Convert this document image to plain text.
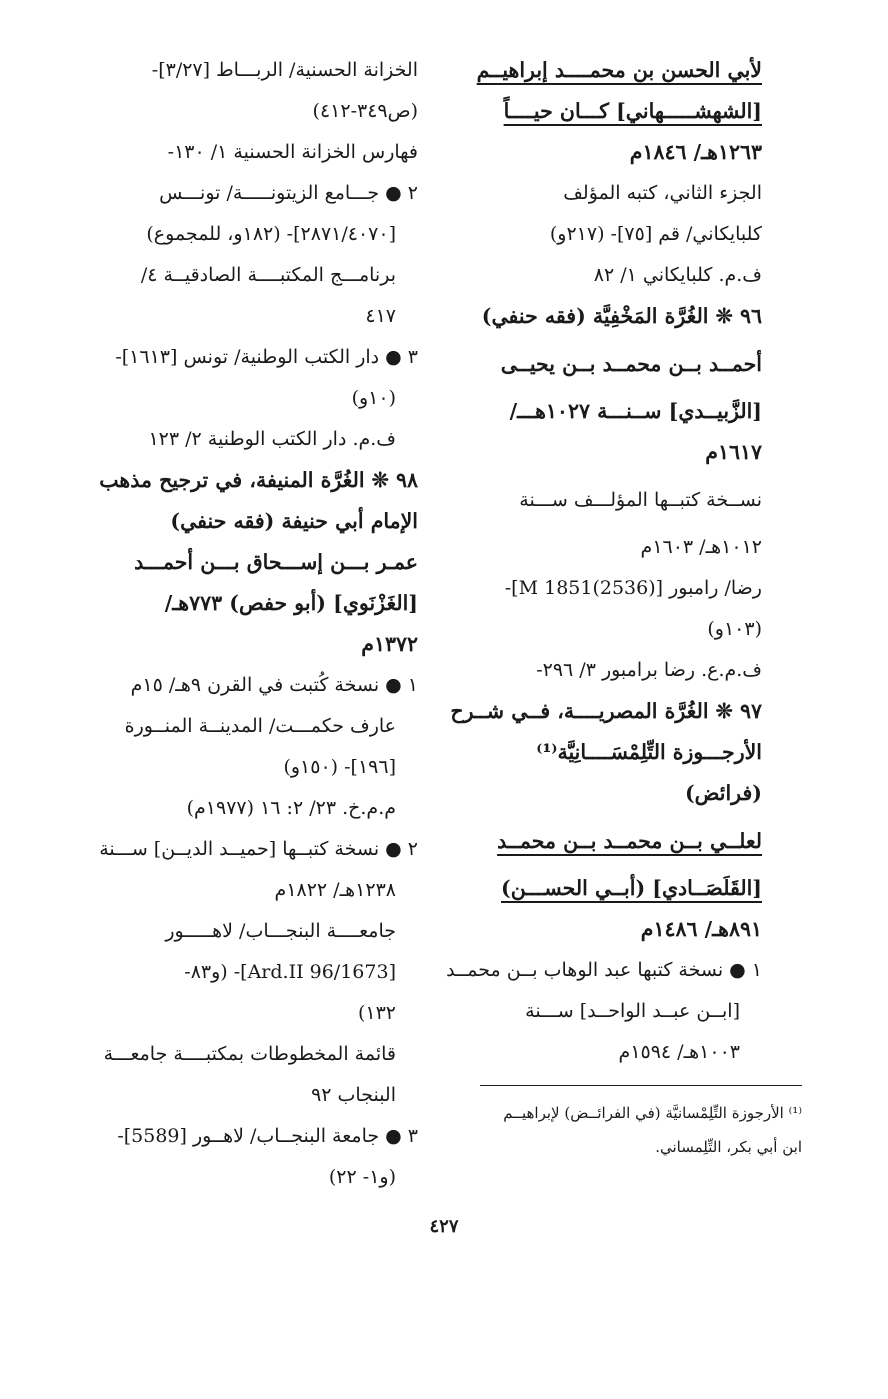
لأبي الحسن بن محمــــد إبراهيــم
[الشهشـــــهاني] كـــان حيــــاً
١٢٦٣هـ/ ١٨٤٦م
الجزء الثاني، كتبه المؤلف
كلبايكاني/ قم [٧٥]- (٢١٧و)
ف.م. كلبايكاني ١/ ٨٢
٩٦ ❊ الغُرَّة المَخْفِيَّة (فقه حنفي)
أحمــد بــن محمــد بــن يحيــى
[الزَّبيــدي] ســنـــة ١٠٢٧هـــ/
١٦١٧م
نســخة كتبــها المؤلـــف ســـنة
١٠١٢هـ/ ١٦٠٣م
رضا/ رامبور [M 1851(2536)]-
(١٠٣و)
ف.م.ع. رضا برامبور ٣/ ٢٩٦-
٩٧ ❊ الغُرَّة المصريــــة، فــي شــرح
الأرجـــوزة التِّلِمْسَــــانِيَّة⁽¹⁾
(فرائض)
لعلــي بــن محمــد بــن محمــد
[القَلَصَــادي] (أبــي الحســـن)
٨٩١هـ/ ١٤٨٦م
١ ● نسخة كتبها عبد الوهاب بــن محمــد
[ابــن عبــد الواحــد] ســـنة
١٠٠٣هـ/ ١٥٩٤م
الخزانة الحسنية/ الربـــاط [٣/٢٧]-
(ص٣٤٩-٤١٢)
فهارس الخزانة الحسنية ١/ ١٣٠-
٢ ● جـــامع الزيتونـــــة/ تونـــس
[٢٨٧١/٤٠٧٠]- (١٨٢و، للمجموع)
برنامـــج المكتبــــة الصادقيــة ٤/
٤١٧
٣ ● دار الكتب الوطنية/ تونس [١٦١٣]-
(١٠و)
ف.م. دار الكتب الوطنية ٢/ ١٢٣
٩٨ ❊ الغُرَّة المنيفة، في ترجيح مذهب
الإمام أبي حنيفة (فقه حنفي)
عمـر بـــن إســـحاق بـــن أحمـــد
[الغَزْنَوي] (أبو حفص) ٧٧٣هـ/
١٣٧٢م
١ ● نسخة كُتبت في القرن ٩هـ/ ١٥م
عارف حكمـــت/ المدينــة المنــورة
[١٩٦]- (١٥٠و)
م.م.خ. ٢٣/ ٢: ١٦ (١٩٧٧م)
٢ ● نسخة كتبــها [حميــد الديــن] ســـنة
١٢٣٨هـ/ ١٨٢٢م
جامعــــة البنجـــاب/ لاهـــــور
[Ard.II 96/1673]- (و٨٣-
١٣٢)
قائمة المخطوطات بمكتبــــة جامعـــة
البنجاب ٩٢
٣ ● جامعة البنجــاب/ لاهــور [5589]-
(و١- ٢٢)
⁽¹⁾ الأرجوزة التِّلِمْسانيَّة (في الفرائــض) لإبراهيــم
ابن أبي بكر، التِّلِمساني.
٤٢٧
